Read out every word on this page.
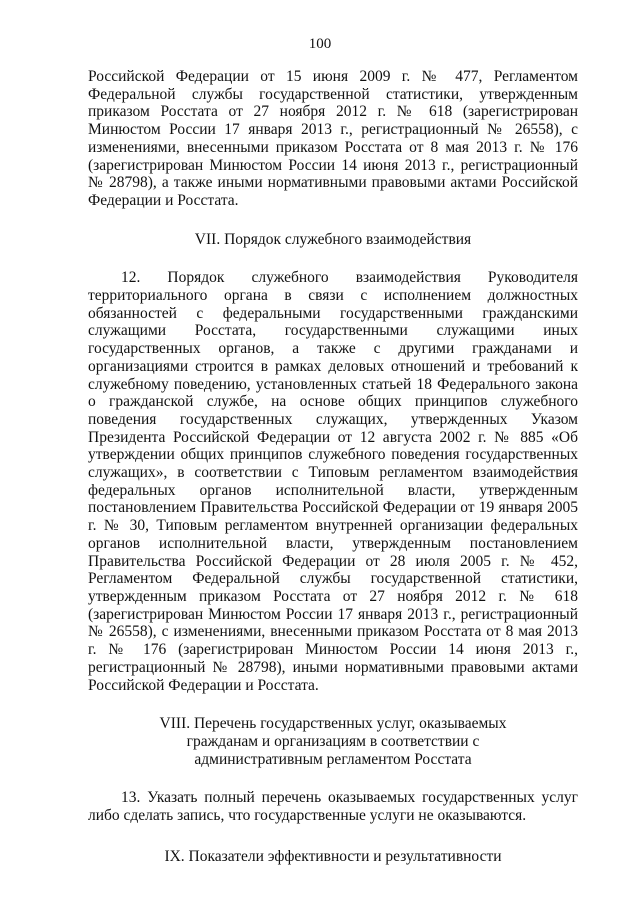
100

Российской Федерации от 15 июня 2009 г. № 477, Регламентом Федеральной службы государственной статистики, утвержденным приказом Росстата от 27 ноября 2012 г. № 618 (зарегистрирован Минюстом России 17 января 2013 г., регистрационный № 26558), с изменениями, внесенными приказом Росстата от 8 мая 2013 г. № 176 (зарегистрирован Минюстом России 14 июня 2013 г., регистрационный № 28798), а также иными нормативными правовыми актами Российской Федерации и Росстата.

VII. Порядок служебного взаимодействия

12. Порядок служебного взаимодействия Руководителя территориального органа в связи с исполнением должностных обязанностей с федеральными государственными гражданскими служащими Росстата, государственными служащими иных государственных органов, а также с другими гражданами и организациями строится в рамках деловых отношений и требований к служебному поведению, установленных статьей 18 Федерального закона о гражданской службе, на основе общих принципов служебного поведения государственных служащих, утвержденных Указом Президента Российской Федерации от 12 августа 2002 г. № 885 «Об утверждении общих принципов служебного поведения государственных служащих», в соответствии с Типовым регламентом взаимодействия федеральных органов исполнительной власти, утвержденным постановлением Правительства Российской Федерации от 19 января 2005 г. № 30, Типовым регламентом внутренней организации федеральных органов исполнительной власти, утвержденным постановлением Правительства Российской Федерации от 28 июля 2005 г. № 452, Регламентом Федеральной службы государственной статистики, утвержденным приказом Росстата от 27 ноября 2012 г. № 618 (зарегистрирован Минюстом России 17 января 2013 г., регистрационный № 26558), с изменениями, внесенными приказом Росстата от 8 мая 2013 г. № 176 (зарегистрирован Минюстом России 14 июня 2013 г., регистрационный № 28798), иными нормативными правовыми актами Российской Федерации и Росстата.

VIII. Перечень государственных услуг, оказываемых гражданам и организациям в соответствии с административным регламентом Росстата

13. Указать полный перечень оказываемых государственных услуг либо сделать запись, что государственные услуги не оказываются.

IX. Показатели эффективности и результативности
